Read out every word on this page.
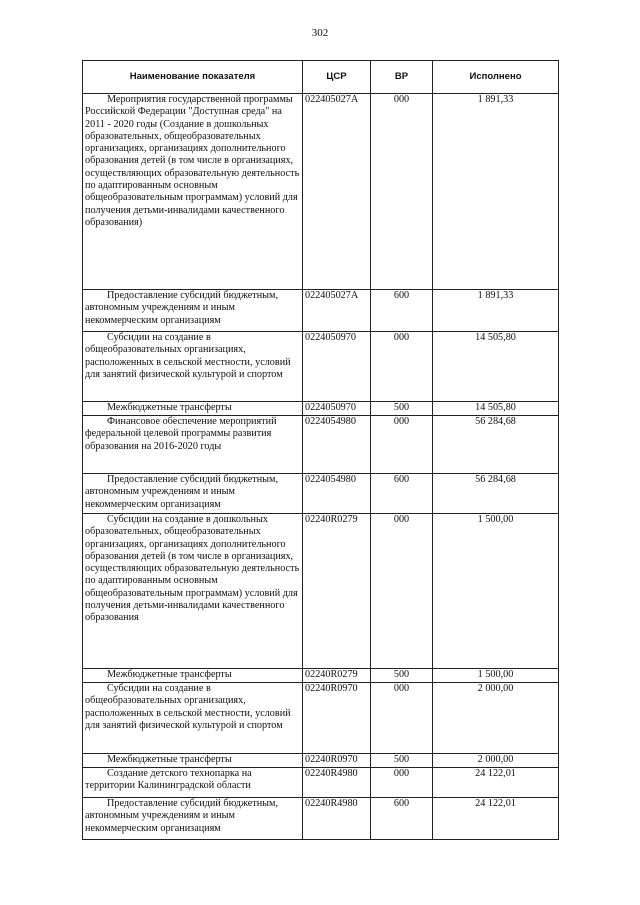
302
Наименование показателя	ЦСР	ВР	Исполнено
Мероприятия государственной программы Российской Федерации "Доступная среда" на 2011 - 2020 годы (Создание в дошкольных образовательных, общеобразовательных организациях, организациях дополнительного образования детей (в том числе в организациях, осуществляющих образовательную деятельность по адаптированным основным общеобразовательным программам) условий для получения детьми-инвалидами качественного образования)	022405027А	000	1 891,33
Предоставление субсидий бюджетным, автономным учреждениям и иным некоммерческим организациям	022405027А	600	1 891,33
Субсидии на создание в общеобразовательных организациях, расположенных в сельской местности, условий для занятий физической культурой и спортом	0224050970	000	14 505,80
Межбюджетные трансферты	0224050970	500	14 505,80
Финансовое обеспечение мероприятий федеральной целевой программы развития образования на 2016-2020 годы	0224054980	000	56 284,68
Предоставление субсидий бюджетным, автономным учреждениям и иным некоммерческим организациям	0224054980	600	56 284,68
Субсидии на создание в дошкольных образовательных, общеобразовательных организациях, организациях дополнительного образования детей (в том числе в организациях, осуществляющих образовательную деятельность по адаптированным основным общеобразовательным программам) условий для получения детьми-инвалидами качественного образования	02240R0279	000	1 500,00
Межбюджетные трансферты	02240R0279	500	1 500,00
Субсидии на создание в общеобразовательных организациях, расположенных в сельской местности, условий для занятий физической культурой и спортом	02240R0970	000	2 000,00
Межбюджетные трансферты	02240R0970	500	2 000,00
Создание детского технопарка на территории Калининградской области	02240R4980	000	24 122,01
Предоставление субсидий бюджетным, автономным учреждениям и иным некоммерческим организациям	02240R4980	600	24 122,01
